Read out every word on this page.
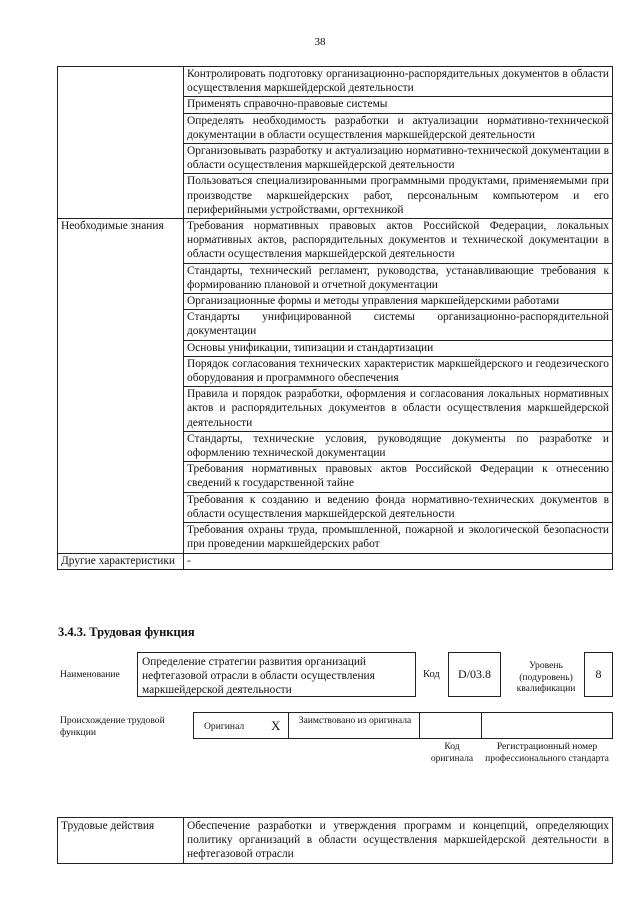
38
	Контролировать подготовку организационно-распорядительных документов в области осуществления маркшейдерской деятельности
	Применять справочно-правовые системы
	Определять необходимость разработки и актуализации нормативно-технической документации в области осуществления маркшейдерской деятельности
	Организовывать разработку и актуализацию нормативно-технической документации в области осуществления маркшейдерской деятельности
	Пользоваться специализированными программными продуктами, применяемыми при производстве маркшейдерских работ, персональным компьютером и его периферийными устройствами, оргтехникой
Необходимые знания	Требования нормативных правовых актов Российской Федерации, локальных нормативных актов, распорядительных документов и технической документации в области осуществления маркшейдерской деятельности
	Стандарты, технический регламент, руководства, устанавливающие требования к формированию плановой и отчетной документации
	Организационные формы и методы управления маркшейдерскими работами
	Стандарты унифицированной системы организационно-распорядительной документации
	Основы унификации, типизации и стандартизации
	Порядок согласования технических характеристик маркшейдерского и геодезического оборудования и программного обеспечения
	Правила и порядок разработки, оформления и согласования локальных нормативных актов и распорядительных документов в области осуществления маркшейдерской деятельности
	Стандарты, технические условия, руководящие документы по разработке и оформлению технической документации
	Требования нормативных правовых актов Российской Федерации к отнесению сведений к государственной тайне
	Требования к созданию и ведению фонда нормативно-технических документов в области осуществления маркшейдерской деятельности
	Требования охраны труда, промышленной, пожарной и экологической безопасности при проведении маркшейдерских работ
Другие характеристики	-
3.4.3. Трудовая функция
Наименование
Определение стратегии развития организаций нефтегазовой отрасли в области осуществления маркшейдерской деятельности
Код	D/03.8
Уровень (подуровень) квалификации
8
Происхождение трудовой функции	Оригинал X	Заимствовано из оригинала
Код оригинала
Регистрационный номер профессионального стандарта
Трудовые действия	Обеспечение разработки и утверждения программ и концепций, определяющих политику организаций в области осуществления маркшейдерской деятельности в нефтегазовой отрасли
